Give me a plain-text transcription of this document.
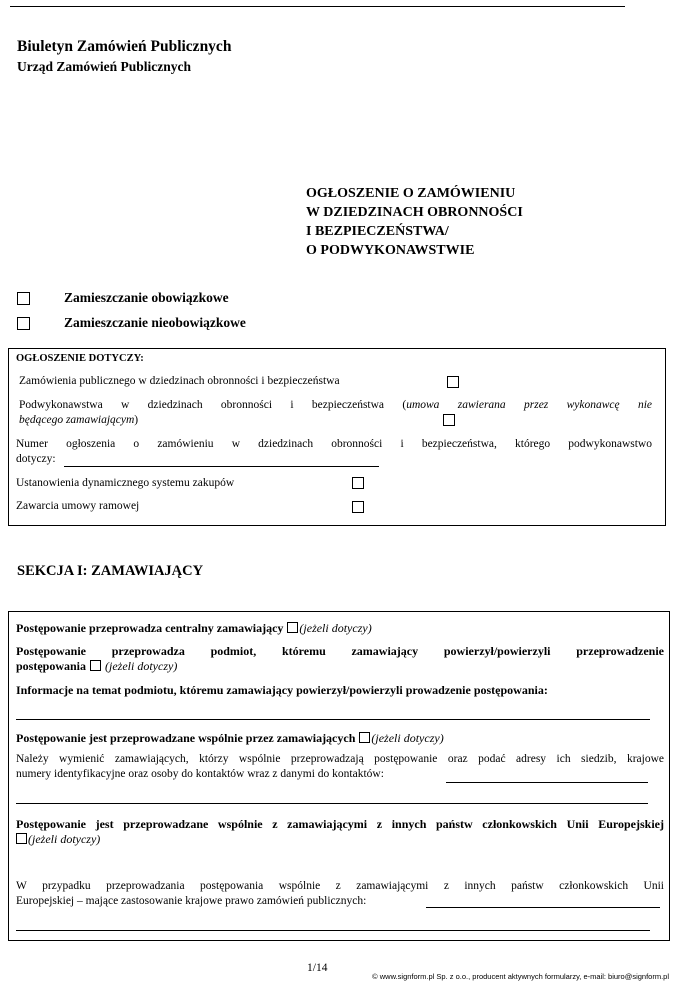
Biuletyn Zamówień Publicznych
Urząd Zamówień Publicznych
OGŁOSZENIE O ZAMÓWIENIU
W DZIEDZINACH OBRONNOŚCI
I BEZPIECZEŃSTWA/
O PODWYKONAWSTWIE
Zamieszczanie obowiązkowe
Zamieszczanie nieobowiązkowe
OGŁOSZENIE DOTYCZY:
Zamówienia publicznego w dziedzinach obronności i bezpieczeństwa
Podwykonawstwa w dziedzinach obronności i bezpieczeństwa (umowa zawierana przez wykonawcę nie
będącego zamawiającym)
Numer ogłoszenia o zamówieniu w dziedzinach obronności i bezpieczeństwa, którego podwykonawstwo
dotyczy:
Ustanowienia dynamicznego systemu zakupów
Zawarcia umowy ramowej
SEKCJA I: ZAMAWIAJĄCY
Postępowanie przeprowadza centralny zamawiający (jeżeli dotyczy)
Postępowanie przeprowadza podmiot, któremu zamawiający powierzył/powierzyli przeprowadzenie
postępowania (jeżeli dotyczy)
Informacje na temat podmiotu, któremu zamawiający powierzył/powierzyli prowadzenie postępowania:
Postępowanie jest przeprowadzane wspólnie przez zamawiających (jeżeli dotyczy)
Należy wymienić zamawiających, którzy wspólnie przeprowadzają postępowanie oraz podać adresy ich siedzib, krajowe
numery identyfikacyjne oraz osoby do kontaktów wraz z danymi do kontaktów:
Postępowanie jest przeprowadzane wspólnie z zamawiającymi z innych państw członkowskich Unii Europejskiej
(jeżeli dotyczy)
W przypadku przeprowadzania postępowania wspólnie z zamawiającymi z innych państw członkowskich Unii
Europejskiej – mające zastosowanie krajowe prawo zamówień publicznych:
1/14
© www.signform.pl Sp. z o.o., producent aktywnych formularzy, e-mail: biuro@signform.pl
